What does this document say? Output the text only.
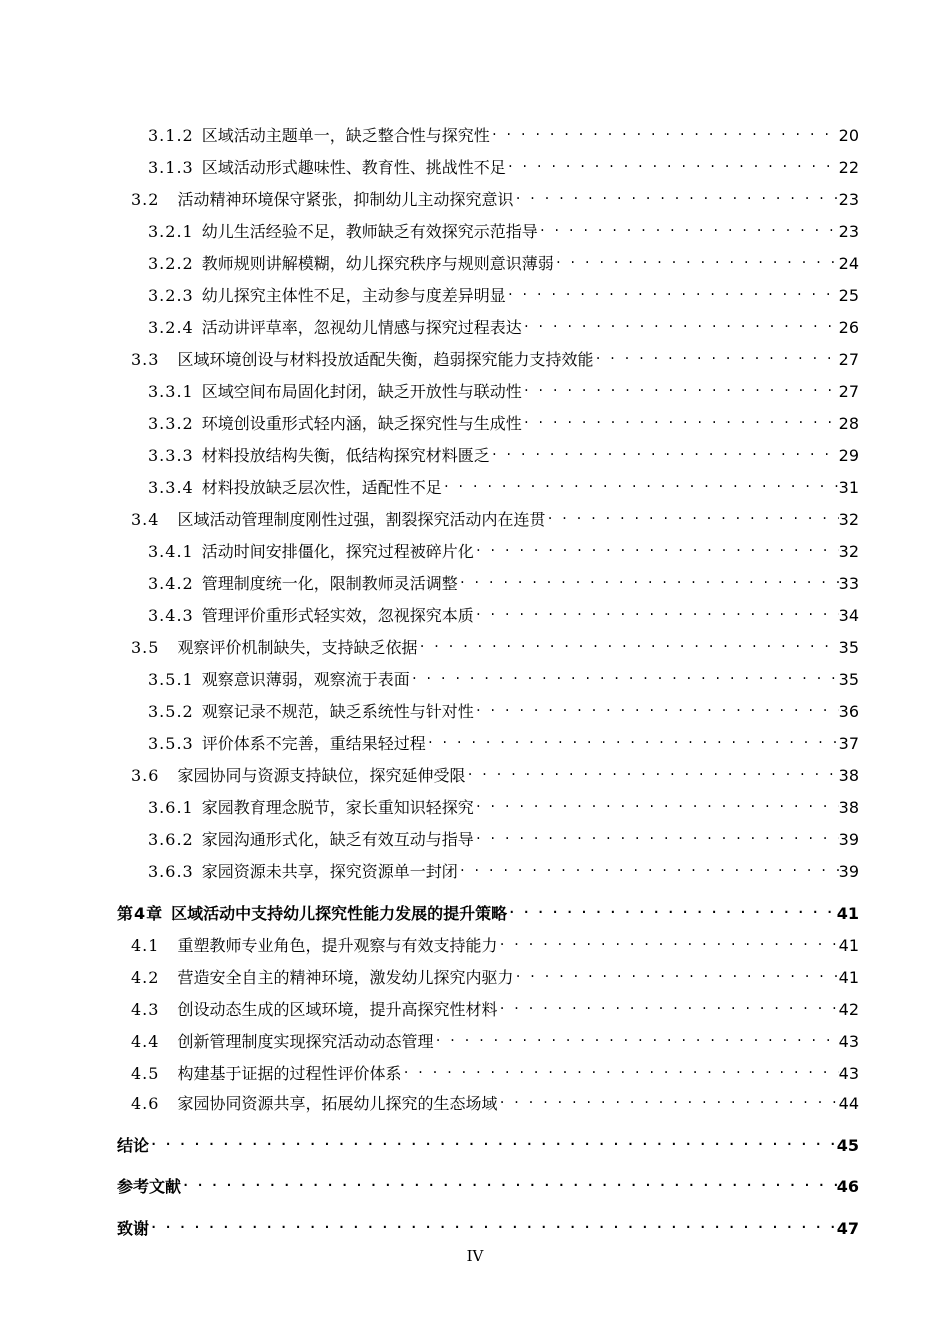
3.1.2 区域活动主题单一，缺乏整合性与探究性 . . .	20
3.1.3 区域活动形式趣味性、教育性、挑战性不足 . . .	22
3.2 活动精神环境保守紧张，抑制幼儿主动探究意识 . . .	23
3.2.1 幼儿生活经验不足，教师缺乏有效探究示范指导 . . .	23
3.2.2 教师规则讲解模糊，幼儿探究秩序与规则意识薄弱 . . .	24
3.2.3 幼儿探究主体性不足，主动参与度差异明显 . . .	25
3.2.4 活动讲评草率，忽视幼儿情感与探究过程表达 . . .	26
3.3 区域环境创设与材料投放适配失衡，趋弱探究能力支持效能 . . .	27
3.3.1 区域空间布局固化封闭，缺乏开放性与联动性 . . .	27
3.3.2 环境创设重形式轻内涵，缺乏探究性与生成性 . . .	28
3.3.3 材料投放结构失衡，低结构探究材料匮乏 . . .	29
3.3.4 材料投放缺乏层次性，适配性不足 . . .	31
3.4 区域活动管理制度刚性过强，割裂探究活动内在连贯 . . .	32
3.4.1 活动时间安排僵化，探究过程被碎片化 . . .	32
3.4.2 管理制度统一化，限制教师灵活调整 . . .	33
3.4.3 管理评价重形式轻实效，忽视探究本质 . . .	34
3.5 观察评价机制缺失，支持缺乏依据 . . .	35
3.5.1 观察意识薄弱，观察流于表面 . . .	35
3.5.2 观察记录不规范，缺乏系统性与针对性 . . .	36
3.5.3 评价体系不完善，重结果轻过程 . . .	37
3.6 家园协同与资源支持缺位，探究延伸受限 . . .	38
3.6.1 家园教育理念脱节，家长重知识轻探究 . . .	38
3.6.2 家园沟通形式化，缺乏有效互动与指导 . . .	39
3.6.3 家园资源未共享，探究资源单一封闭 . . .	39
第4章 区域活动中支持幼儿探究性能力发展的提升策略 . . .	41
4.1 重塑教师专业角色，提升观察与有效支持能力 . . .	41
4.2 营造安全自主的精神环境，激发幼儿探究内驱力 . . .	41
4.3 创设动态生成的区域环境，提升高探究性材料 . . .	42
4.4 创新管理制度实现探究活动动态管理 . . .	43
4.5 构建基于证据的过程性评价体系 . . .	43
4.6 家园协同资源共享，拓展幼儿探究的生态场域 . . .	44
结论 . . .	45
参考文献 . . .	46
致谢 . . .	47
IV
